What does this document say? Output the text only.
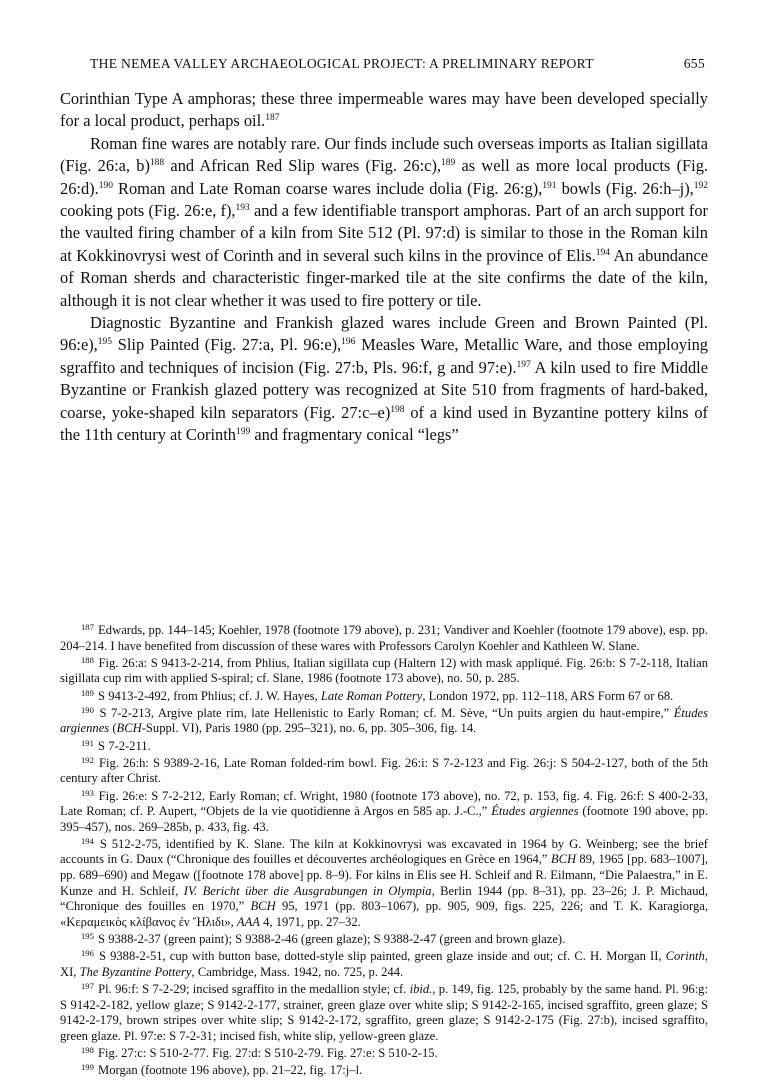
THE NEMEA VALLEY ARCHAEOLOGICAL PROJECT: A PRELIMINARY REPORT	655

Corinthian Type A amphoras; these three impermeable wares may have been developed specially for a local product, perhaps oil.$^{187}$

Roman fine wares are notably rare. Our finds include such overseas imports as Italian sigillata (Fig. 26:a, b)$^{188}$ and African Red Slip wares (Fig. 26:c),$^{189}$ as well as more local products (Fig. 26:d).$^{190}$ Roman and Late Roman coarse wares include dolia (Fig. 26:g),$^{191}$ bowls (Fig. 26:h–j),$^{192}$ cooking pots (Fig. 26:e, f),$^{193}$ and a few identifiable transport amphoras. Part of an arch support for the vaulted firing chamber of a kiln from Site 512 (Pl. 97:d) is similar to those in the Roman kiln at Kokkinovrysi west of Corinth and in several such kilns in the province of Elis.$^{194}$ An abundance of Roman sherds and characteristic finger-marked tile at the site confirms the date of the kiln, although it is not clear whether it was used to fire pottery or tile.

Diagnostic Byzantine and Frankish glazed wares include Green and Brown Painted (Pl. 96:e),$^{195}$ Slip Painted (Fig. 27:a, Pl. 96:e),$^{196}$ Measles Ware, Metallic Ware, and those employing sgraffito and techniques of incision (Fig. 27:b, Pls. 96:f, g and 97:e).$^{197}$ A kiln used to fire Middle Byzantine or Frankish glazed pottery was recognized at Site 510 from fragments of hard-baked, coarse, yoke-shaped kiln separators (Fig. 27:c–e)$^{198}$ of a kind used in Byzantine pottery kilns of the 11th century at Corinth$^{199}$ and fragmentary conical “legs”

$^{187}$ Edwards, pp. 144–145; Koehler, 1978 (footnote 179 above), p. 231; Vandiver and Koehler (footnote 179 above), esp. pp. 204–214. I have benefited from discussion of these wares with Professors Carolyn Koehler and Kathleen W. Slane.

$^{188}$ Fig. 26:a: S 9413-2-214, from Phlius, Italian sigillata cup (Haltern 12) with mask appliqué. Fig. 26:b: S 7-2-118, Italian sigillata cup rim with applied S-spiral; cf. Slane, 1986 (footnote 173 above), no. 50, p. 285.

$^{189}$ S 9413-2-492, from Phlius; cf. J. W. Hayes, Late Roman Pottery, London 1972, pp. 112–118, ARS Form 67 or 68.

$^{190}$ S 7-2-213, Argive plate rim, late Hellenistic to Early Roman; cf. M. Sève, “Un puits argien du haut-empire,” Études argiennes (BCH-Suppl. VI), Paris 1980 (pp. 295–321), no. 6, pp. 305–306, fig. 14.

$^{191}$ S 7-2-211.

$^{192}$ Fig. 26:h: S 9389-2-16, Late Roman folded-rim bowl. Fig. 26:i: S 7-2-123 and Fig. 26:j: S 504-2-127, both of the 5th century after Christ.

$^{193}$ Fig. 26:e: S 7-2-212, Early Roman; cf. Wright, 1980 (footnote 173 above), no. 72, p. 153, fig. 4. Fig. 26:f: S 400-2-33, Late Roman; cf. P. Aupert, “Objets de la vie quotidienne à Argos en 585 ap. J.-C.,” Études argiennes (footnote 190 above, pp. 395–457), nos. 269–285b, p. 433, fig. 43.

$^{194}$ S 512-2-75, identified by K. Slane. The kiln at Kokkinovrysi was excavated in 1964 by G. Weinberg; see the brief accounts in G. Daux (“Chronique des fouilles et découvertes archéologiques en Grèce en 1964,” BCH 89, 1965 [pp. 683–1007], pp. 689–690) and Megaw ([footnote 178 above] pp. 8–9). For kilns in Elis see H. Schleif and R. Eilmann, “Die Palaestra,” in E. Kunze and H. Schleif, IV. Bericht über die Ausgrabungen in Olympia, Berlin 1944 (pp. 8–31), pp. 23–26; J. P. Michaud, “Chronique des fouilles en 1970,” BCH 95, 1971 (pp. 803–1067), pp. 905, 909, figs. 225, 226; and T. K. Karagiorga, «Κεραμεικὸς κλίβανος ἐν Ἤλιδι», AAA 4, 1971, pp. 27–32.

$^{195}$ S 9388-2-37 (green paint); S 9388-2-46 (green glaze); S 9388-2-47 (green and brown glaze).

$^{196}$ S 9388-2-51, cup with button base, dotted-style slip painted, green glaze inside and out; cf. C. H. Morgan II, Corinth, XI, The Byzantine Pottery, Cambridge, Mass. 1942, no. 725, p. 244.

$^{197}$ Pl. 96:f: S 7-2-29; incised sgraffito in the medallion style; cf. ibid., p. 149, fig. 125, probably by the same hand. Pl. 96:g: S 9142-2-182, yellow glaze; S 9142-2-177, strainer, green glaze over white slip; S 9142-2-165, incised sgraffito, green glaze; S 9142-2-179, brown stripes over white slip; S 9142-2-172, sgraffito, green glaze; S 9142-2-175 (Fig. 27:b), incised sgraffito, green glaze. Pl. 97:e: S 7-2-31; incised fish, white slip, yellow-green glaze.

$^{198}$ Fig. 27:c: S 510-2-77. Fig. 27:d: S 510-2-79. Fig. 27:e: S 510-2-15.

$^{199}$ Morgan (footnote 196 above), pp. 21–22, fig. 17:j–l.
